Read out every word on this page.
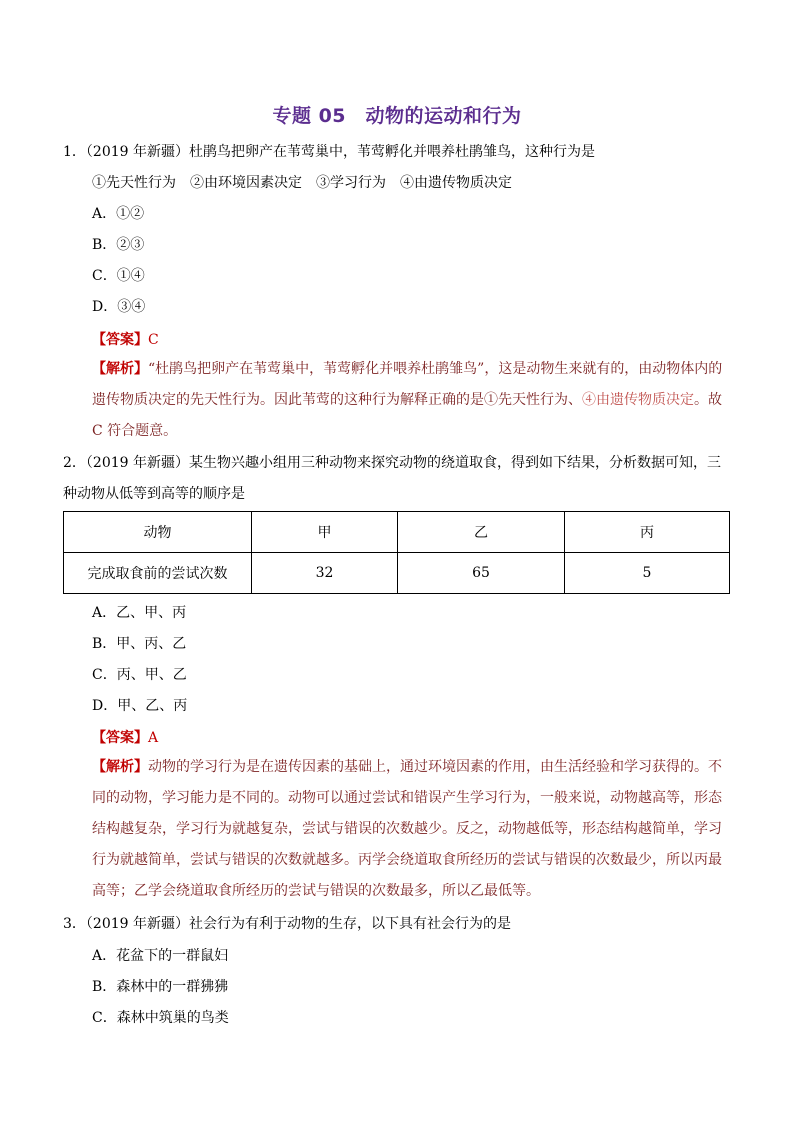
专题 05　动物的运动和行为
1．（2019 年新疆）杜鹃鸟把卵产在苇莺巢中，苇莺孵化并喂养杜鹃雏鸟，这种行为是
①先天性行为　②由环境因素决定　③学习行为　④由遗传物质决定
A．①②
B．②③
C．①④
D．③④
【答案】C
【解析】“杜鹃鸟把卵产在苇莺巢中，苇莺孵化并喂养杜鹃雏鸟”，这是动物生来就有的，由动物体内的遗传物质决定的先天性行为。因此苇莺的这种行为解释正确的是①先天性行为、④由遗传物质决定。故 C 符合题意。
2．（2019 年新疆）某生物兴趣小组用三种动物来探究动物的绕道取食，得到如下结果，分析数据可知，三种动物从低等到高等的顺序是
动物	甲	乙	丙
完成取食前的尝试次数	32	65	5
A．乙、甲、丙
B．甲、丙、乙
C．丙、甲、乙
D．甲、乙、丙
【答案】A
【解析】动物的学习行为是在遗传因素的基础上，通过环境因素的作用，由生活经验和学习获得的。不同的动物，学习能力是不同的。动物可以通过尝试和错误产生学习行为，一般来说，动物越高等，形态结构越复杂，学习行为就越复杂，尝试与错误的次数越少。反之，动物越低等，形态结构越简单，学习行为就越简单，尝试与错误的次数就越多。丙学会绕道取食所经历的尝试与错误的次数最少，所以丙最高等；乙学会绕道取食所经历的尝试与错误的次数最多，所以乙最低等。
3．（2019 年新疆）社会行为有利于动物的生存，以下具有社会行为的是
A．花盆下的一群鼠妇
B．森林中的一群狒狒
C．森林中筑巢的鸟类
